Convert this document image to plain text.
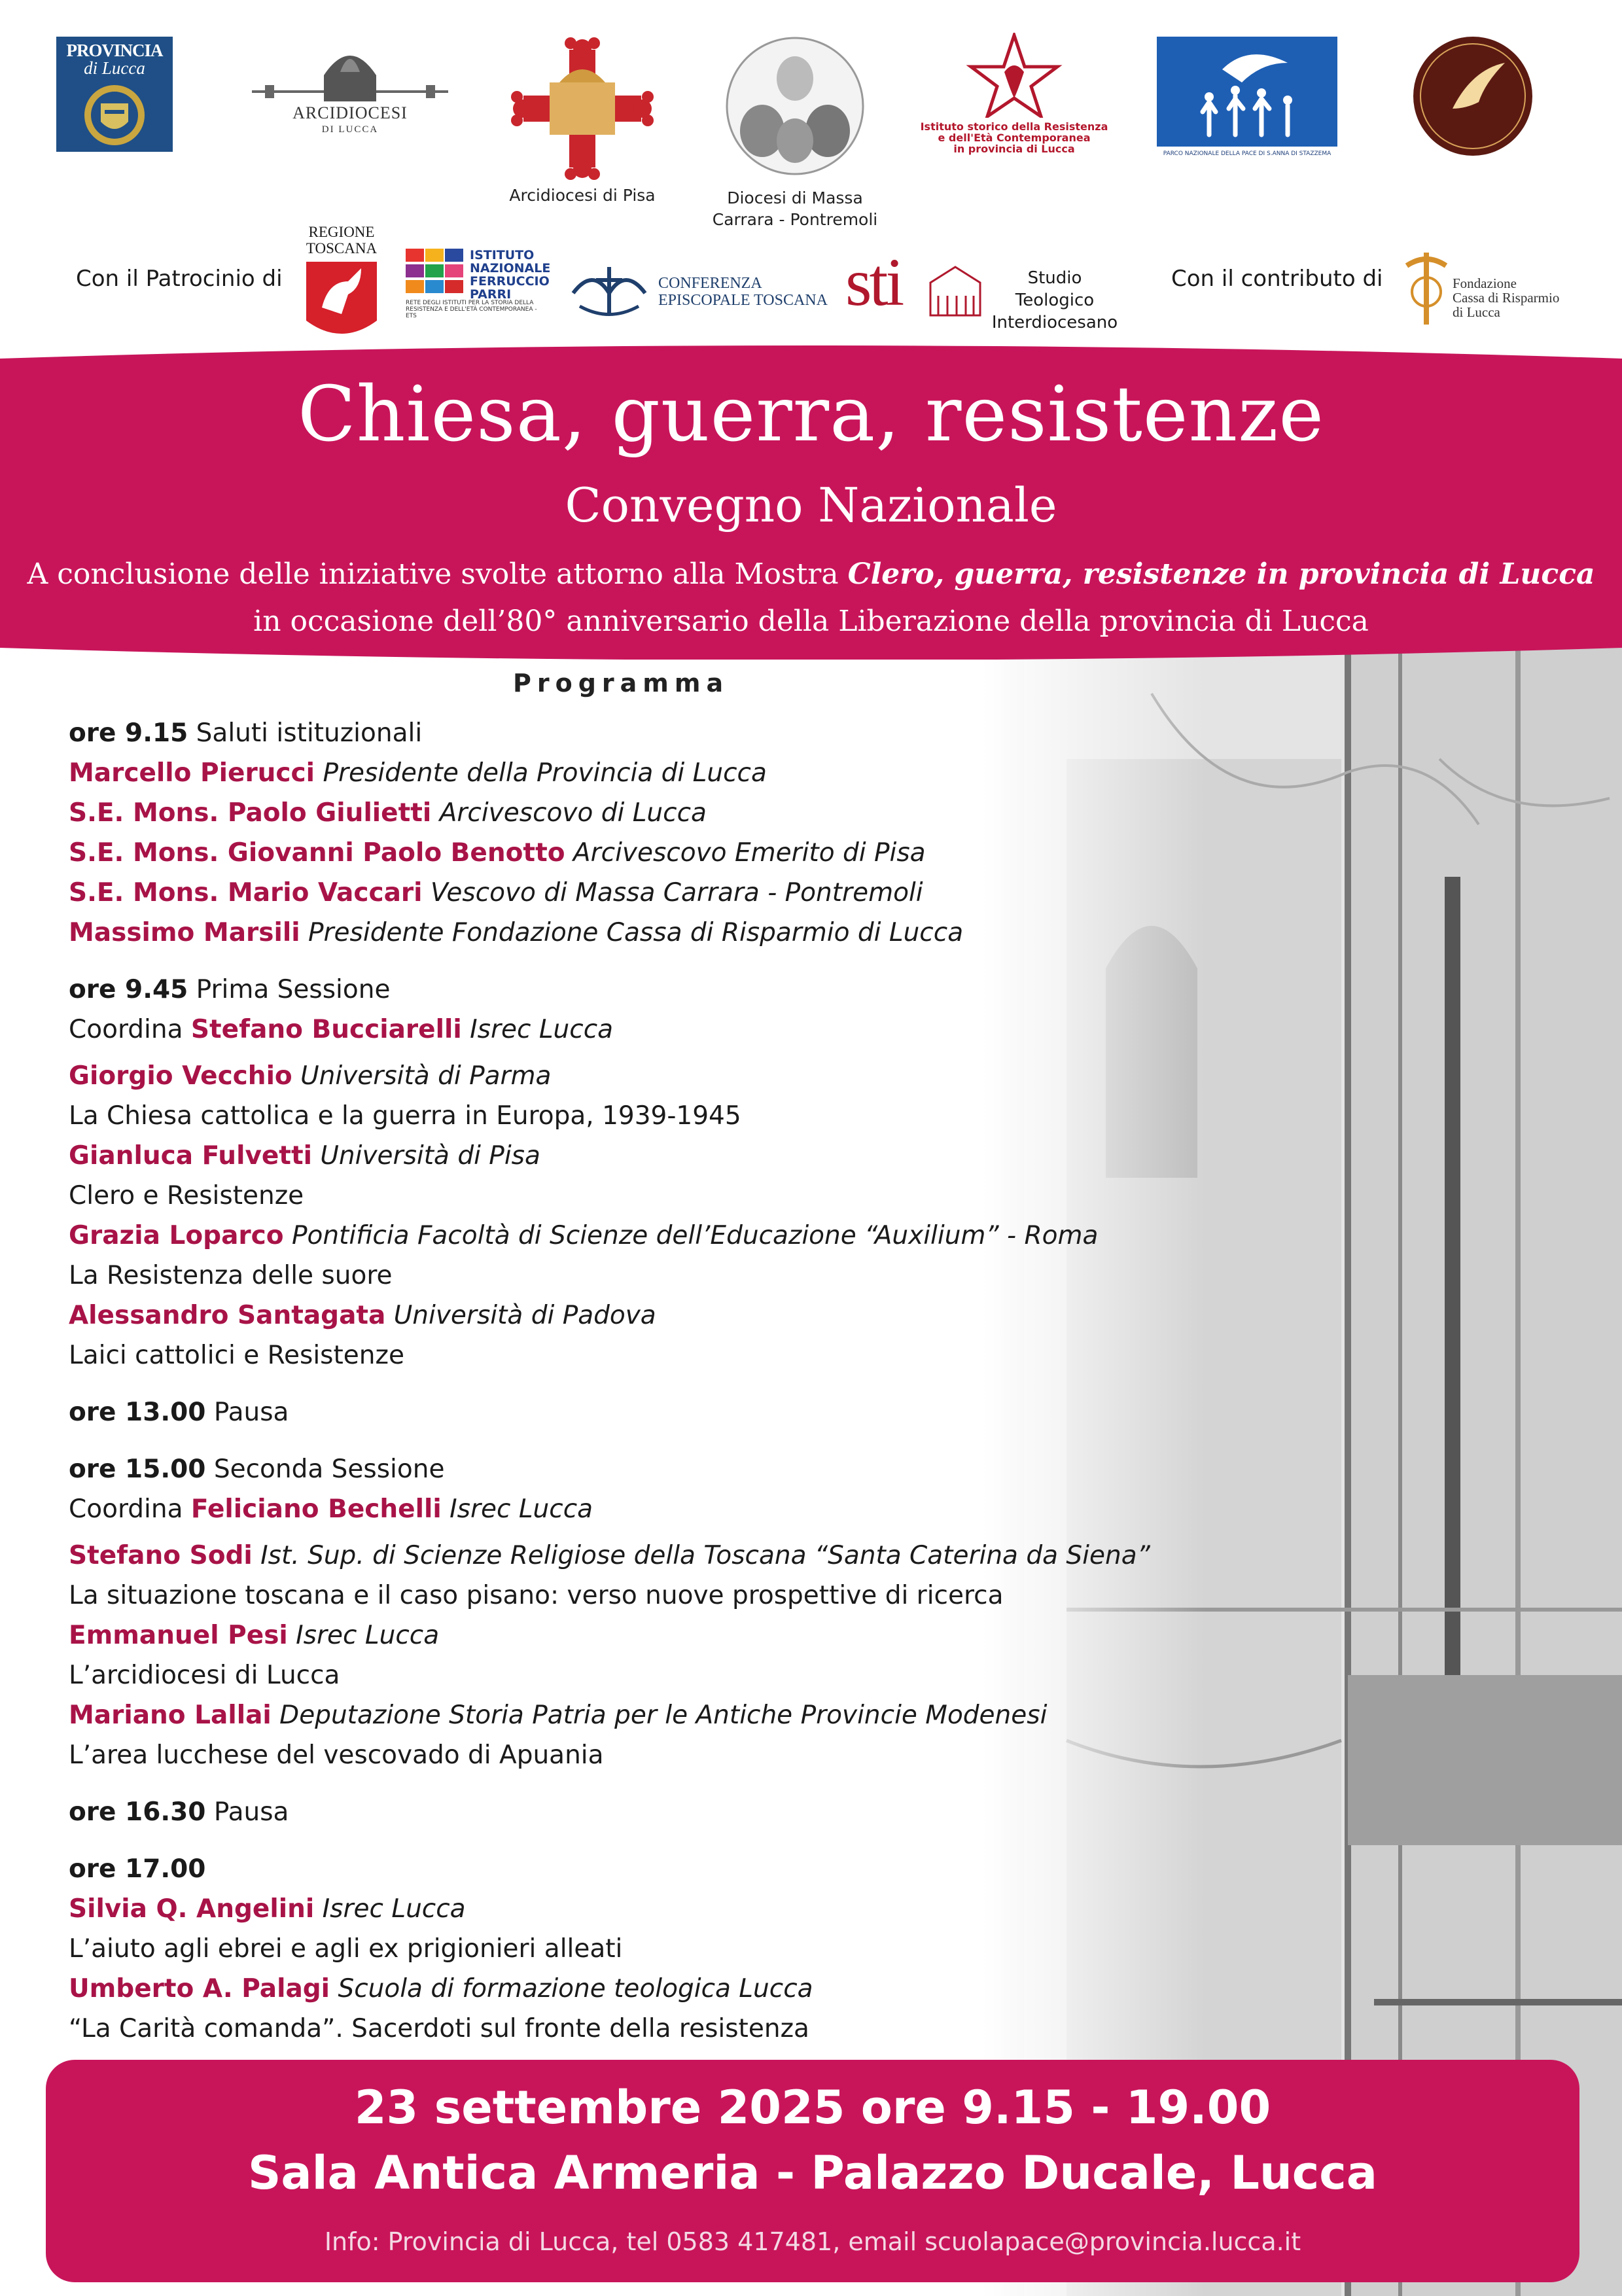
PROVINCIA
di Lucca
ARCIDIOCESI
DI LUCCA
Arcidiocesi di Pisa	Diocesi di Massa
Carrara - Pontremoli
Istituto storico della Resistenza
e dell'Età Contemporanea
in provincia di Lucca	PARCO NAZIONALE DELLA PACE DI S.ANNA DI STAZZEMA
Con il Patrocinio di
REGIONE
TOSCANA	ISTITUTO
NAZIONALE
FERRUCCIO
PARRI
RETE DEGLI ISTITUTI PER LA STORIA DELLA RESISTENZA E DELL'ETÀ CONTEMPORANEA - ETS
CONFERENZA
EPISCOPALE TOSCANA sti	Studio Teologico
Interdiocesano
Con il contributo di	Fondazione
Cassa di Risparmio
di Lucca
Chiesa, guerra, resistenze
Convegno Nazionale
A conclusione delle iniziative svolte attorno alla Mostra Clero, guerra, resistenze in provincia di Lucca
in occasione dell’80° anniversario della Liberazione della provincia di Lucca
Programma
ore 9.15 Saluti istituzionali
Marcello Pierucci Presidente della Provincia di Lucca
S.E. Mons. Paolo Giulietti Arcivescovo di Lucca
S.E. Mons. Giovanni Paolo Benotto Arcivescovo Emerito di Pisa
S.E. Mons. Mario Vaccari Vescovo di Massa Carrara - Pontremoli
Massimo Marsili Presidente Fondazione Cassa di Risparmio di Lucca
ore 9.45 Prima Sessione
Coordina Stefano Bucciarelli Isrec Lucca
Giorgio Vecchio Università di Parma
La Chiesa cattolica e la guerra in Europa, 1939-1945
Gianluca Fulvetti Università di Pisa
Clero e Resistenze
Grazia Loparco Pontificia Facoltà di Scienze dell’Educazione “Auxilium” - Roma
La Resistenza delle suore
Alessandro Santagata Università di Padova
Laici cattolici e Resistenze
ore 13.00 Pausa
ore 15.00 Seconda Sessione
Coordina Feliciano Bechelli Isrec Lucca
Stefano Sodi Ist. Sup. di Scienze Religiose della Toscana “Santa Caterina da Siena”
La situazione toscana e il caso pisano: verso nuove prospettive di ricerca
Emmanuel Pesi Isrec Lucca
L’arcidiocesi di Lucca
Mariano Lallai Deputazione Storia Patria per le Antiche Provincie Modenesi
L’area lucchese del vescovado di Apuania
ore 16.30 Pausa
ore 17.00
Silvia Q. Angelini Isrec Lucca
L’aiuto agli ebrei e agli ex prigionieri alleati
Umberto A. Palagi Scuola di formazione teologica Lucca
“La Carità comanda”. Sacerdoti sul fronte della resistenza
23 settembre 2025 ore 9.15 - 19.00
Sala Antica Armeria - Palazzo Ducale, Lucca
Info: Provincia di Lucca, tel 0583 417481, email scuolapace@provincia.lucca.it
